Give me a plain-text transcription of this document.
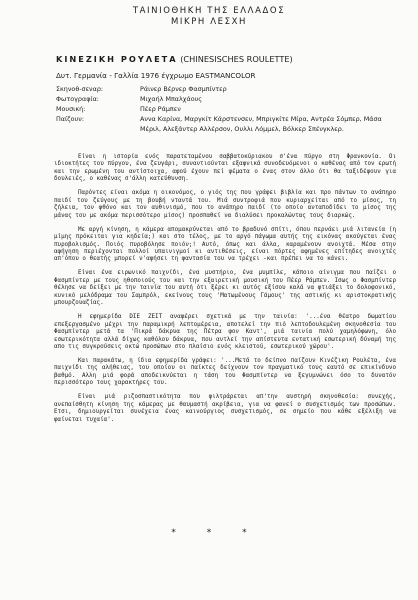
ΤΑΙΝΙΟΘΗΚΗ ΤΗΣ ΕΛΛΑΔΟΣ
ΜΙΚΡΗ ΛΕΣΧΗ
ΚΙΝΕΖΙΚΗ ΡΟΥΛΕΤΑ (CHINESISCHES ROULETTE)
Δυτ. Γερμανία - Γαλλία 1976 έγχρωμο EASTMANCOLOR
Σκηνοθ-σεναρ:	Ράινερ Βέρνερ Φασμπίντερ
Φωτογραφία:	Μιχαήλ Μπαλχάους
Μουσική:	Πέερ Ράμπεν
Παίζουν:	Αννα Καρίνα, Μαργκίτ Κάρστενσεν, Μπριγκίτε Μίρα, Αντρέα Σόμπερ, Μάσα Μέριλ, Αλεξάντερ Αλλέρσον, Ουλλι Λόμμελ, Βόλκερ Σπένγκλερ.

Είναι η ιστορία ενός παρατεταμένου σαββατοκύριακου σ'ένα πύργο στη Φρανκονία. Οι ιδιοκτήτες του πύργου, ένα ζευγάρι, συναντιούνται εξαφνικά συνοδευόμενοι ο καθένας από τον ερωτή και την ερωμένη του αντίστοιχα, αφού έχουν πεί ψέματα ο ένας στον άλλο ότι θα ταξιδέψουν για δουλειές, ο καθένας σ'άλλη κατεύθυνση.

Παρόντες είναι ακόμα η οικονόμος, ο γιός της που γράφει βιβλία και προ πάντων το ανάπηρο παιδί του ζεύγους με τη βουβή νταντά του. Μιά συντροφιά που κυριαρχείται από το μίσος, τη ζήλεια, τον φθόνο και τον αυθινισμό, που το ανάπηρο παιδί (το οποίο ανταποδίδει το μίσος της μάνας του με ακόμα περισσότερο μίσος) προσπαθεί να διαλύσει προκαλώντας τους διαρκώς.

Με αργή κίνηση, η κάμερα απομακρύνεται από το βραδυνό σπίτι, όπου περνάει μιά λιτανεία (η μίμης πρόκειται για κηδεία;) και στο τέλος, με το αργό πάγωμα αυτής της εικόνας ακούγεται ένας πυροβολισμός. Ποιός πυροβόλησε ποιόν;! Αυτό, όπως και άλλα, καραμένουν ανοιχτά. Μέσα στην αφήγηση περιέχονται πολλοί υπαινιγμοί κι αντιθέσεις, είναι πόρτες αφημένες επίτηδες ανοιχτές απ'όπου ο θεατής μπορεί ν'αφήσει τη φαντασία του να τρέχει -και πρέπει να το κάνει.

Είναι ένα ειρωνικό παιχνίδι, ένα μυστήριο, ένα μυμπίλε, κάποιο αίνιγμα που παίζει ο Φασμπίντερ με τους ηθοποιούς του και την εξαιρετική μουσική του Πέερ Ράμπεν. Ισως ο Φασμπίντερ θέλησε να δείξει με την ταινία του αυτή ότι ξέρει κι αυτός εξίσου καλά να φτιάξει το δολοφονικό, κυνικό μελόδραμα του Σαμπρόλ, εκείνους τους 'Ματωμένους Γάμους' της αστικής κι αριστοκρατικής μπουρζουαζίας.

Η εφημερίδα DIE ZEIT αναφέρει σχετικά με την ταινία: '...ένα θέατρο δωματίου επεξεργασμένο μέχρι την παραμικρή λεπτομέρεια, αποτελεί την πιό λεπτοδουλεμένη σκηνοθεσία του Φασμπίντερ μετά τα 'Πικρά δάκρυα της Πέτρα φον Καντ', μιά ταινία πολύ χαμηλόφωνη, όλο εσωτερικότητα αλλά δίχως καθόλου δάκρυα, που αντλεί την απίστευτα εντατική εσωτερική δύναμή της απο τις συγκρούσεις οκτώ προσώπων στο πλαίσιο ενός κλειστού, εσωτερικού χώρου'.

Και παρακάτω, η ίδια εφημερίδα γράφει: '...Μετά το δείπνο παίζουν Κινέζικη Ρουλέτα, ένα παιχνίδι της αλήθειας, του οποίου οι παίκτες δείχνουν τον πραγματικό τους εαυτό σε επικίνδυνο βαθμό. Αλλη μιά φορά αποδεικνύεται η τάση του Φασμπίντερ να ξεγυμνώνει όσο το δυνατόν περισσότερο τους χαρακτήρες του.

Είναι μιά ριζοσπαστικότητα που φιλτράρεται απ'την αυστηρή σκηνοθεσία: συνεχής, ανεπαίσθητη κίνηση της κάμερας με θαυμαστή ακρίβεια, για να φανεί ο συσχετισμός των προσώπων. Ετσι, δημιουργείται συνέχεια ένας καινούργιος συσχετισμός, σε σημείο που κάθε εξέλιξη να φαίνεται τυχαία'.

* * *
